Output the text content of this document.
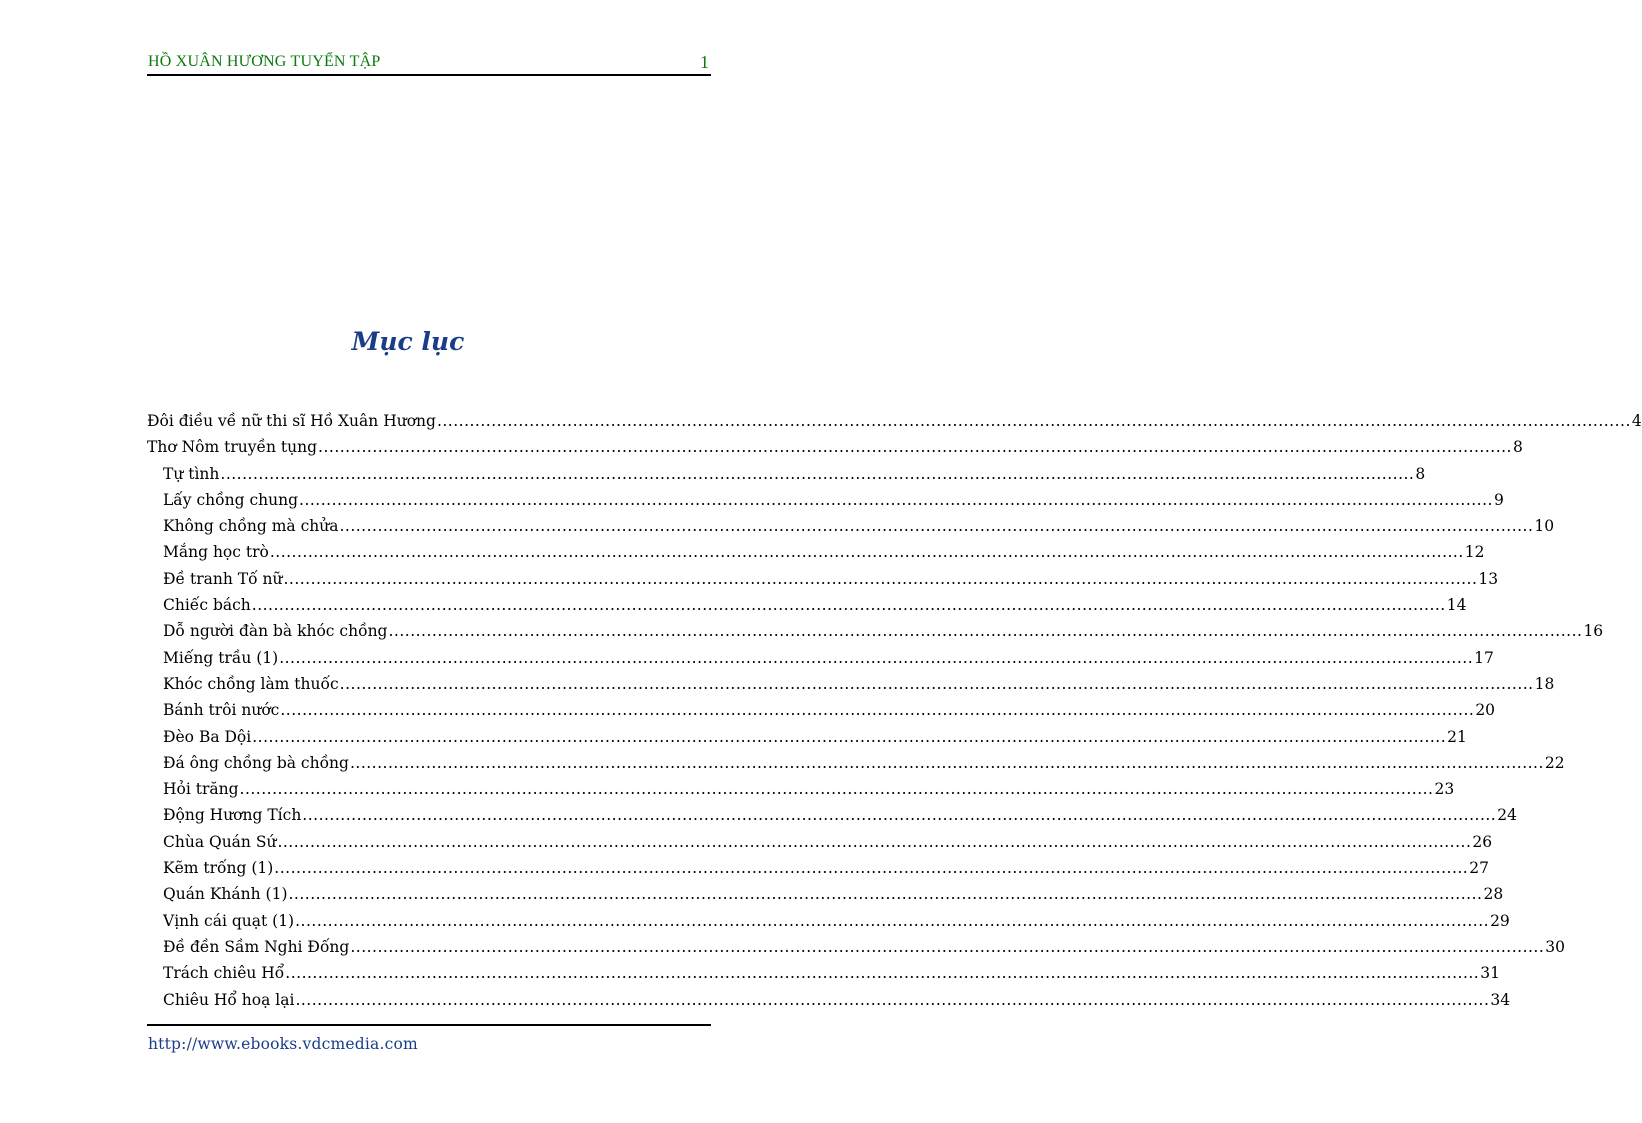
HỒ XUÂN HƯƠNG TUYỂN TẬP	1
Mục lục
Đôi điều về nữ thi sĩ Hồ Xuân Hương ............................................................................................................................................................................................................................ 4
Thơ Nôm truyền tụng ............................................................................................................................................................................................................................ 8
Tự tình ............................................................................................................................................................................................................................ 8
Lấy chồng chung ............................................................................................................................................................................................................................ 9
Không chồng mà chửa ............................................................................................................................................................................................................................ 10
Mắng học trò ............................................................................................................................................................................................................................ 12
Đề tranh Tố nữ ............................................................................................................................................................................................................................ 13
Chiếc bách ............................................................................................................................................................................................................................ 14
Dỗ người đàn bà khóc chồng ............................................................................................................................................................................................................................ 16
Miếng trầu (1) ............................................................................................................................................................................................................................ 17
Khóc chồng làm thuốc ............................................................................................................................................................................................................................ 18
Bánh trôi nước ............................................................................................................................................................................................................................ 20
Đèo Ba Dội ............................................................................................................................................................................................................................ 21
Đá ông chồng bà chồng ............................................................................................................................................................................................................................ 22
Hỏi trăng ............................................................................................................................................................................................................................ 23
Động Hương Tích ............................................................................................................................................................................................................................ 24
Chùa Quán Sứ ............................................................................................................................................................................................................................ 26
Kẽm trống (1) ............................................................................................................................................................................................................................ 27
Quán Khánh (1) ............................................................................................................................................................................................................................ 28
Vịnh cái quạt (1) ............................................................................................................................................................................................................................ 29
Đề đền Sầm Nghi Đống ............................................................................................................................................................................................................................ 30
Trách chiêu Hổ ............................................................................................................................................................................................................................ 31
Chiêu Hổ hoạ lại ............................................................................................................................................................................................................................ 34
http://www.ebooks.vdcmedia.com
